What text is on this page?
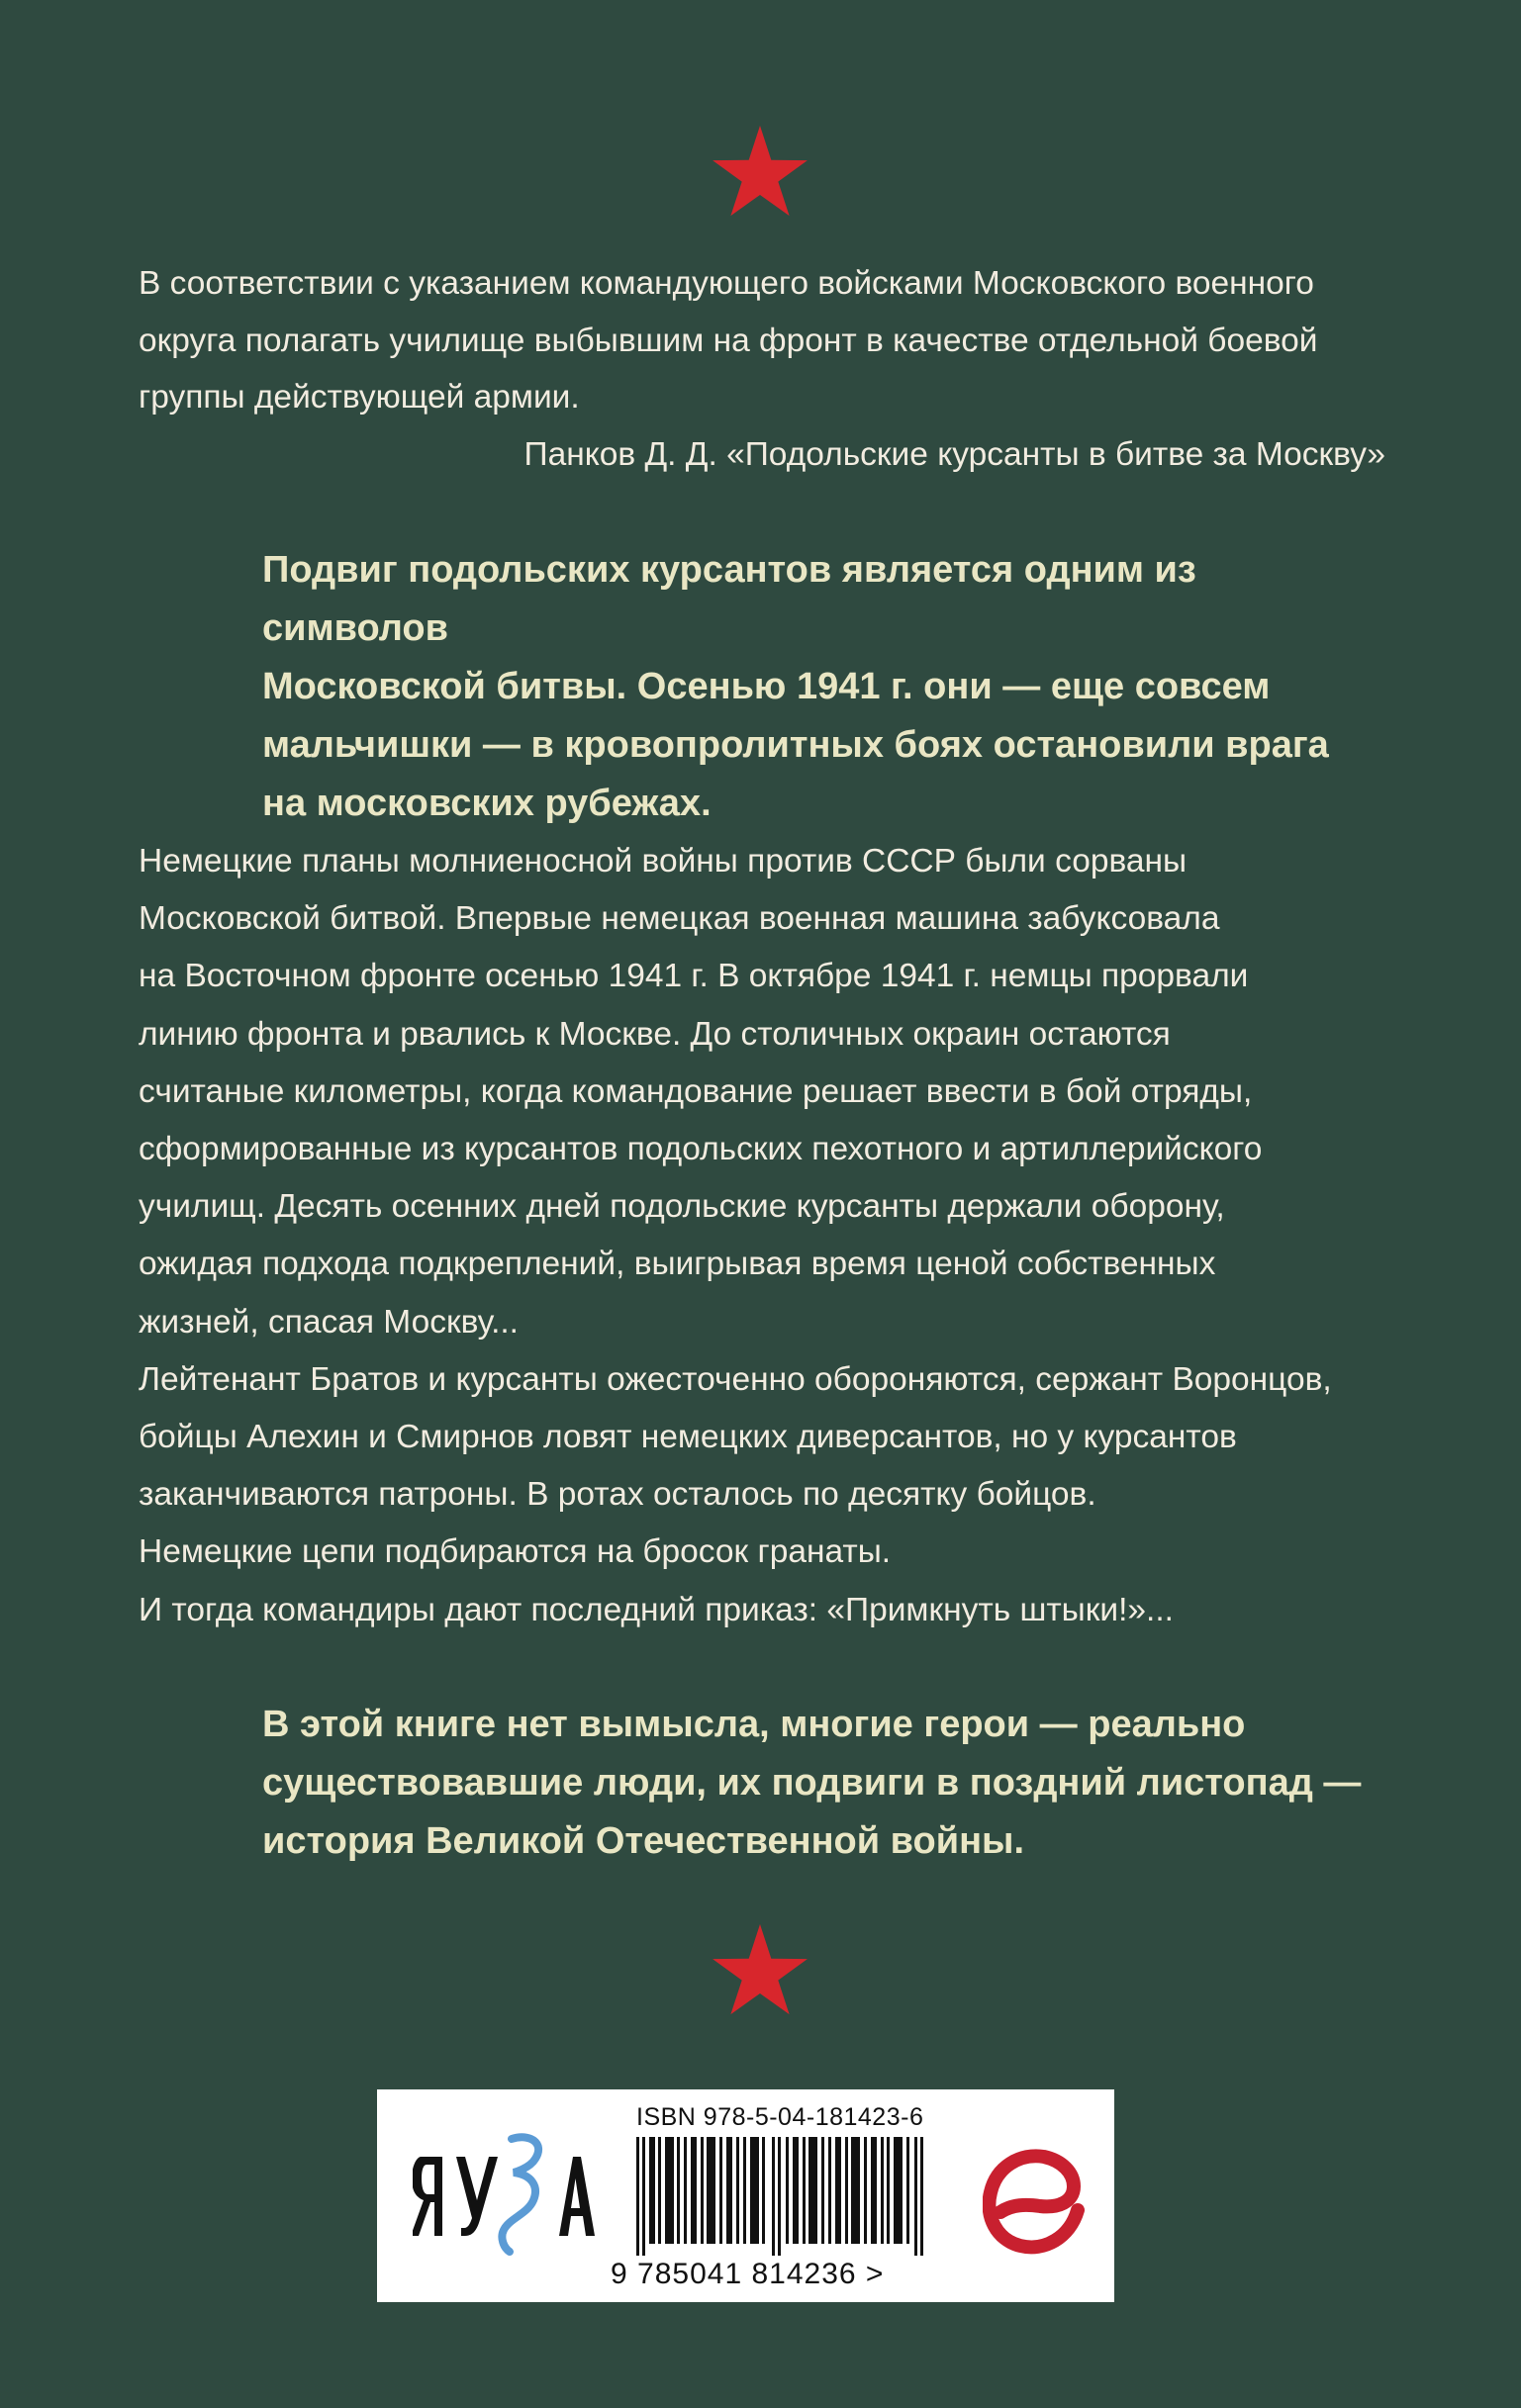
В соответствии с указанием командующего войсками Московского военного

округа полагать училище выбывшим на фронт в качестве отдельной боевой

группы действующей армии.

Панков Д. Д. «Подольские курсанты в битве за Москву»

Подвиг подольских курсантов является одним из символов

Московской битвы. Осенью 1941 г. они — еще совсем

мальчишки — в кровопролитных боях остановили врага

на московских рубежах.

Немецкие планы молниеносной войны против СССР были сорваны

Московской битвой. Впервые немецкая военная машина забуксовала

на Восточном фронте осенью 1941 г. В октябре 1941 г. немцы прорвали

линию фронта и рвались к Москве. До столичных окраин остаются

считаные километры, когда командование решает ввести в бой отряды,

сформированные из курсантов подольских пехотного и артиллерийского

училищ. Десять осенних дней подольские курсанты держали оборону,

ожидая подхода подкреплений, выигрывая время ценой собственных

жизней, спасая Москву...

Лейтенант Братов и курсанты ожесточенно обороняются, сержант Воронцов,

бойцы Алехин и Смирнов ловят немецких диверсантов, но у курсантов

заканчиваются патроны. В ротах осталось по десятку бойцов.

Немецкие цепи подбираются на бросок гранаты.

И тогда командиры дают последний приказ: «Примкнуть штыки!»...

В этой книге нет вымысла, многие герои — реально

существовавшие люди, их подвиги в поздний листопад —

история Великой Отечественной войны.

ISBN 978-5-04-181423-6
9 785041 814236 >
